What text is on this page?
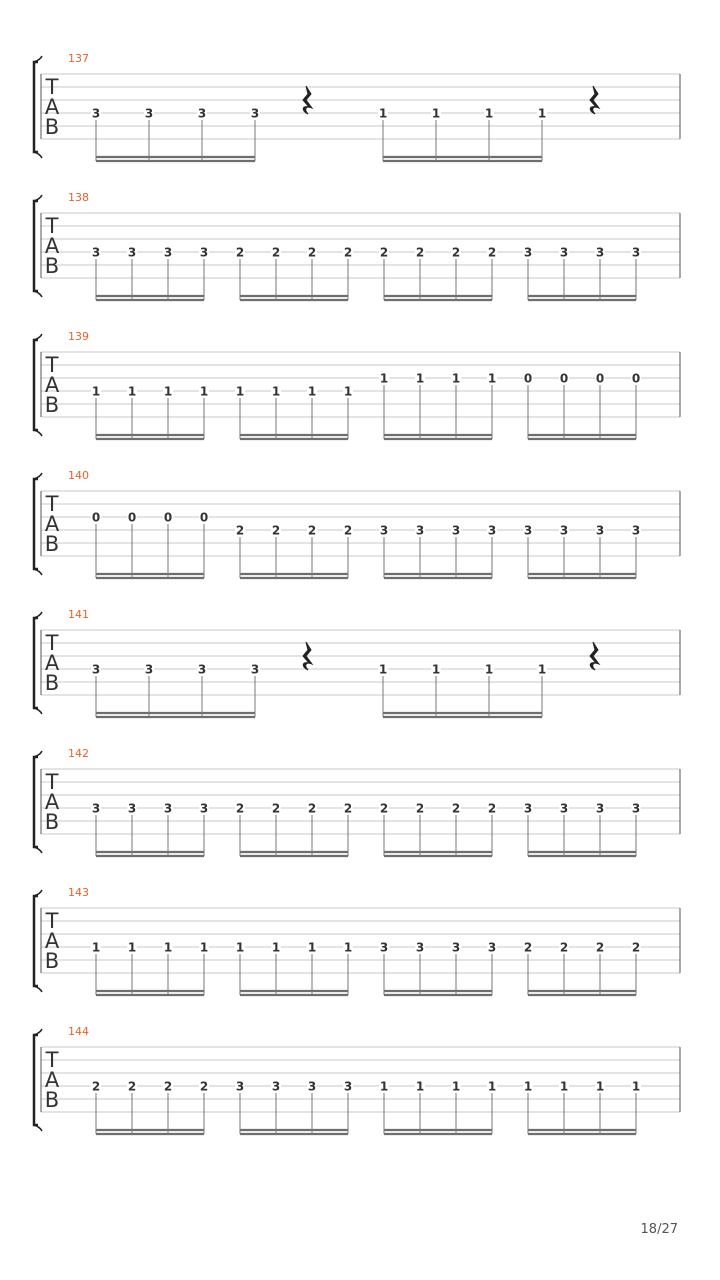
137
T
A
B
3	3	3	3	1	1	1	1
138
T
A
B
3 3 3 3 2 2 2 2 2 2 2 2 3 3 3 3
139
T
A
B
1 1 1 1 1 1 1 1
1 1 1 1 0 0 0 0
140
T
A
B
0 0 0 0
2 2 2 2 3 3 3 3 3 3 3 3
141
T
A
B
3	3	3	3	1	1	1	1
142
T
A
B
3 3 3 3 2 2 2 2 2 2 2 2 3 3 3 3
143
T
A
B
1 1 1 1 1 1 1 1 3 3 3 3 2 2 2 2
144
T
A
B
2 2 2 2 3 3 3 3 1 1 1 1 1 1 1 1
18/27
